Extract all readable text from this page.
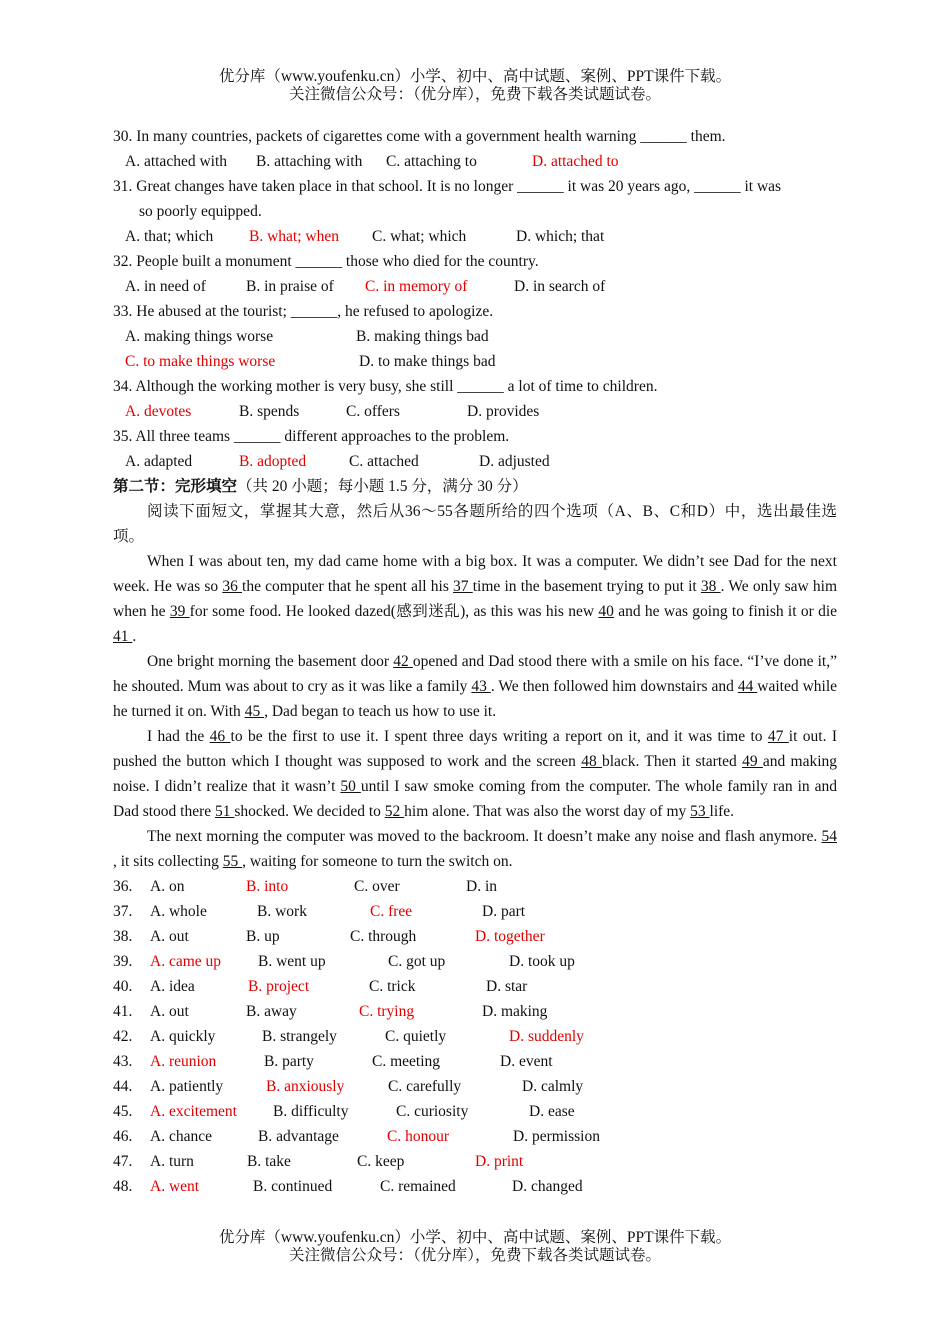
优分库（www.youfenku.cn）小学、初中、高中试题、案例、PPT课件下载。
关注微信公众号：（优分库），免费下载各类试题试卷。
30. In many countries, packets of cigarettes come with a government health warning ______ them.
A. attached with B. attaching with C. attaching to	D. attached to
31. Great changes have taken place in that school. It is no longer ______ it was 20 years ago, ______ it was
so poorly equipped.
A. that; which B. what; when C. what; which	D. which; that
32. People built a monument ______ those who died for the country.
A. in need of	B. in praise of C. in memory of	D. in search of
33. He abused at the tourist; ______, he refused to apologize.
A. making things worse	B. making things bad
C. to make things worse	D. to make things bad
34. Although the working mother is very busy, she still ______ a lot of time to children.
A. devotes	B. spends	C. offers	D. provides
35. All three teams ______ different approaches to the problem.
A. adapted	B. adopted	C. attached	D. adjusted
第二节：完形填空（共 20 小题；每小题 1.5 分，满分 30 分）
阅读下面短文，掌握其大意，然后从36～55各题所给的四个选项（A、B、C和D）中，选出最佳选项。
When I was about ten, my dad came home with a big box. It was a computer. We didn’t see Dad for the next week. He was so 36 the computer that he spent all his 37 time in the basement trying to put it 38 . We only saw him when he 39 for some food. He looked dazed(感到迷乱), as this was his new 40 and he was going to finish it or die 41 .
One bright morning the basement door 42 opened and Dad stood there with a smile on his face. “I’ve done it,” he shouted. Mum was about to cry as it was like a family 43 . We then followed him downstairs and 44 waited while he turned it on. With 45 , Dad began to teach us how to use it.
I had the 46 to be the first to use it. I spent three days writing a report on it, and it was time to 47 it out. I pushed the button which I thought was supposed to work and the screen 48 black. Then it started 49 and making noise. I didn’t realize that it wasn’t 50 until I saw smoke coming from the computer. The whole family ran in and Dad stood there 51 shocked. We decided to 52 him alone. That was also the worst day of my 53 life.
The next morning the computer was moved to the backroom. It doesn’t make any noise and flash anymore. 54 , it sits collecting 55 , waiting for someone to turn the switch on.
36. A. on	B. into	C. over	D. in
37. A. whole	B. work	C. free	D. part
38. A. out	B. up	C. through	D. together
39. A. came up B. went up	C. got up	D. took up
40. A. idea	B. project	C. trick	D. star
41. A. out	B. away	C. trying	D. making
42. A. quickly	B. strangely	C. quietly	D. suddenly
43. A. reunion	B. party	C. meeting	D. event
44. A. patiently	B. anxiously	C. carefully	D. calmly
45. A. excitement B. difficulty	C. curiosity	D. ease
46. A. chance	B. advantage	C. honour	D. permission
47. A. turn	B. take	C. keep	D. print
48. A. went	B. continued	C. remained	D. changed
优分库（www.youfenku.cn）小学、初中、高中试题、案例、PPT课件下载。
关注微信公众号：（优分库），免费下载各类试题试卷。
